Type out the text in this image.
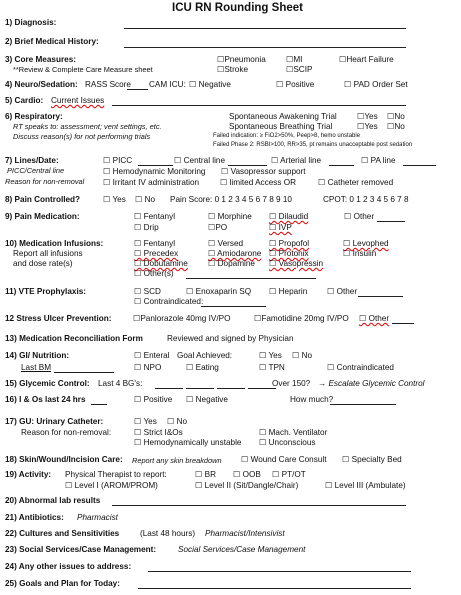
ICU RN Rounding Sheet
1) Diagnosis:
2) Brief Medical History:
3) Core Measures:
**Review & Complete Care Measure sheet
☐Pneumonia ☐MI	☐Heart Failure
☐Stroke	☐SCIP
4) Neuro/Sedation: RASS Score CAM ICU: ☐ Negative	☐ Positive	☐ PAD Order Set
5) Cardio: Current Issues
6) Respiratory:
RT speaks to: assessment; vent settings, etc.
Discuss reason(s) for not performing trials
Spontaneous Awakening Trial ☐Yes ☐No
Spontaneous Breathing Trial	☐Yes ☐No
Failed indication: ≥ FiO2>50%, Peep>8, hemo unstable
Failed Phase 2: RSBI>100, RR>35, pt remains unacceptable post sedation
7) Lines/Date:
PICC/Central line
Reason for non-removal
☐ PICC	☐ Central line	☐ Arterial line	☐ PA line
☐ Hemodynamic Monitoring ☐ Vasopressor support
☐ Irritant IV administration	☐ limited Access OR	☐ Catheter removed
8) Pain Controlled?	☐ Yes ☐ No Pain Score: 0 1 2 3 4 5 6 7 8 9 10	CPOT: 0 1 2 3 4 5 6 7 8
9) Pain Medication:	☐ Fentanyl	☐ Morphine ☐ Dilaudid	☐ Other
☐ Drip	☐PO	☐ IVP
10) Medication Infusions:
Report all infusions
and dose rate(s)
☐ Fentanyl	☐ Versed	☐ Propofol	☐ Levophed
☐ Precedex	☐ Amiodarone ☐ Protonix	☐ Insulin
☐ Dobutamine ☐ Dopamine ☐ Vasopressin
☐ Other(s)
11) VTE Prophylaxis:	☐ SCD	☐ Enoxaparin SQ ☐ Heparin ☐ Other
☐ Contraindicated:
12 Stress Ulcer Prevention:	☐Panlorazole 40mg IV/PO	☐Famotidine 20mg IV/PO ☐ Other
13) Medication Reconciliation Form	Reviewed and signed by Physician
14) GI/ Nutrition:
Last BM
☐ Enteral Goal Achieved:	☐ Yes ☐ No
☐ NPO	☐ Eating	☐ TPN	☐ Contraindicated
15) Glycemic Control: Last 4 BG's:	Over 150? → Escalate Glycemic Control
16) I & Os last 24 hrs	☐ Positive ☐ Negative	How much?
17) GU: Urinary Catheter:
Reason for non-removal:
☐ Yes ☐ No
☐ Strict I&Os	☐ Mach. Ventilator
☐ Hemodynamically unstable ☐ Unconscious
18) Skin/Wound/Incision Care: Report any skin breakdown ☐ Wound Care Consult ☐ Specialty Bed
19) Activity: Physical Therapist to report:	☐ BR ☐ OOB ☐ PT/OT
☐ Level I (AROM/PROM)	☐ Level II (Sit/Dangle/Chair)	☐ Level III (Ambulate)
20) Abnormal lab results
21) Antibiotics: Pharmacist
22) Cultures and Sensitivities	(Last 48 hours) Pharmacist/Intensivist
23) Social Services/Case Management:	Social Services/Case Management
24) Any other issues to address:
25) Goals and Plan for Today:
